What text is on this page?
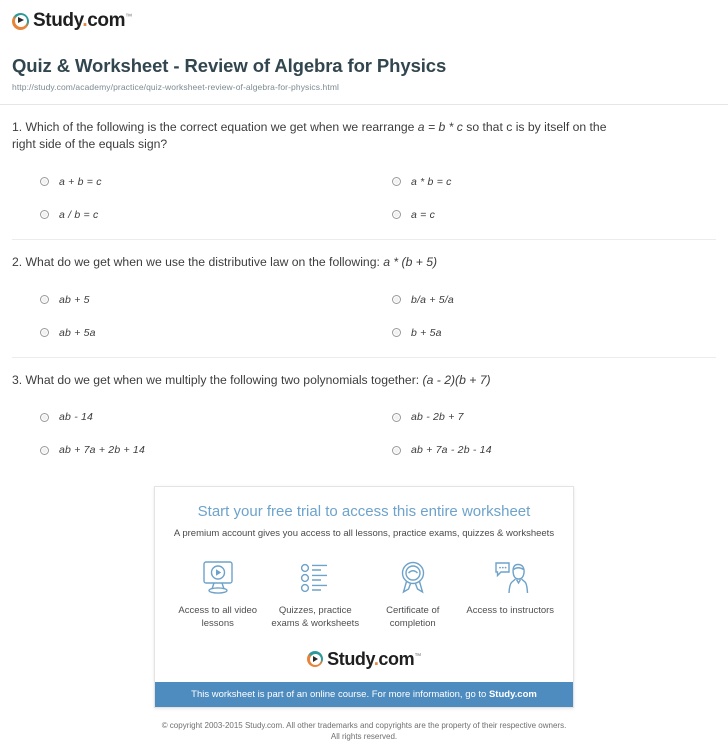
Study.com™
Quiz & Worksheet - Review of Algebra for Physics

http://study.com/academy/practice/quiz-worksheet-review-of-algebra-for-physics.html

1. Which of the following is the correct equation we get when we rearrange a = b * c so that c is by itself on the right side of the equals sign?

a + b = c	a * b = c
a / b = c	a = c

2. What do we get when we use the distributive law on the following: a * (b + 5)

ab + 5	b/a + 5/a
ab + 5a	b + 5a

3. What do we get when we multiply the following two polynomials together: (a - 2)(b + 7)

ab - 14	ab - 2b + 7
ab + 7a + 2b + 14	ab + 7a - 2b - 14
Start your free trial to access this entire worksheet

A premium account gives you access to all lessons, practice exams, quizzes & worksheets

Access to all video lessons
Quizzes, practice exams & worksheets
Certificate of completion
Access to instructors
Study.com™
This worksheet is part of an online course. For more information, go to Study.com
© copyright 2003-2015 Study.com. All other trademarks and copyrights are the property of their respective owners.
All rights reserved.
